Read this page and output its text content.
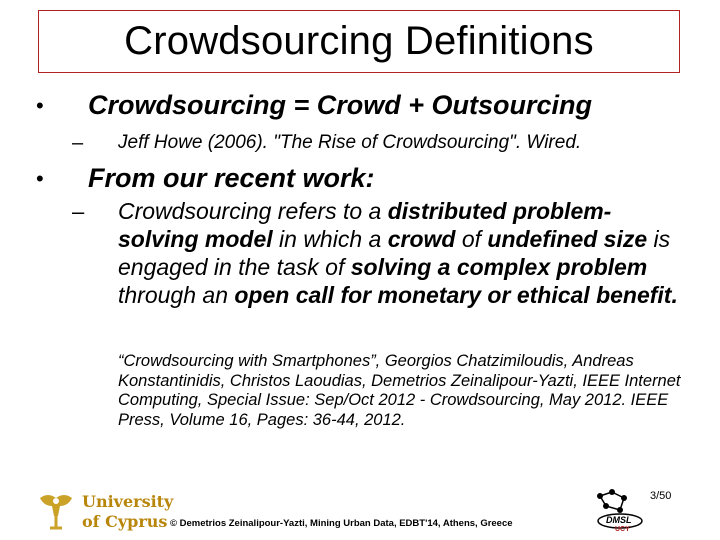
Crowdsourcing Definitions
• Crowdsourcing = Crowd + Outsourcing
– Jeff Howe (2006). "The Rise of Crowdsourcing". Wired.
• From our recent work:
– Crowdsourcing refers to a distributed problem-solving model in which a crowd of undefined size is engaged in the task of solving a complex problem through an open call for monetary or ethical benefit.
“Crowdsourcing with Smartphones”, Georgios Chatzimiloudis, Andreas Konstantinidis, Christos Laoudias, Demetrios Zeinalipour-Yazti, IEEE Internet Computing, Special Issue: Sep/Oct 2012 - Crowdsourcing, May 2012. IEEE Press, Volume 16, Pages: 36-44, 2012.
University
of Cyprus © Demetrios Zeinalipour-Yazti, Mining Urban Data, EDBT'14, Athens, Greece	DMSL
UCY
3/50
